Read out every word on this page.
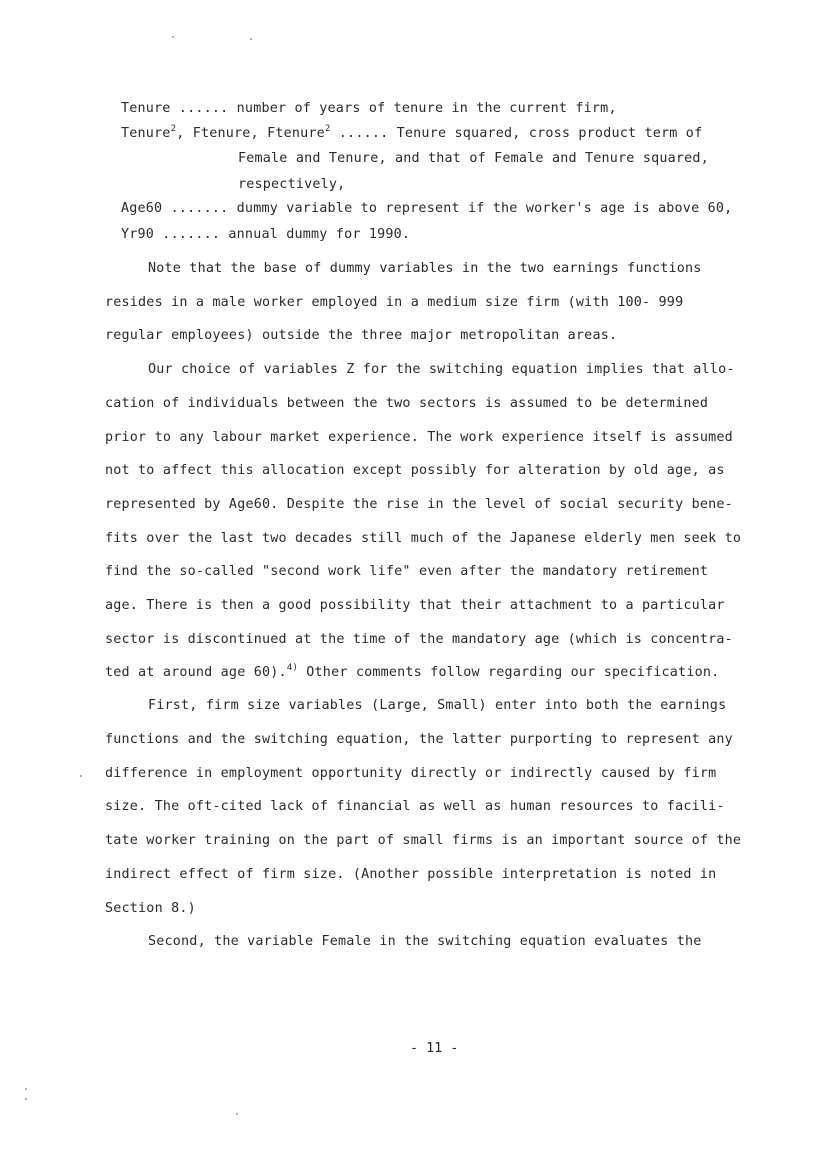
Tenure ...... number of years of tenure in the current firm,
Tenure$^2$, Ftenure, Ftenure$^2$ ...... Tenure squared, cross product term of
Female and Tenure, and that of Female and Tenure squared,
respectively,
Age60 ....... dummy variable to represent if the worker's age is above 60,
Yr90 ....... annual dummy for 1990.
Note that the base of dummy variables in the two earnings functions
resides in a male worker employed in a medium size firm (with 100- 999
regular employees) outside the three major metropolitan areas.
Our choice of variables Z for the switching equation implies that allo-
cation of individuals between the two sectors is assumed to be determined
prior to any labour market experience. The work experience itself is assumed
not to affect this allocation except possibly for alteration by old age, as
represented by Age60. Despite the rise in the level of social security bene-
fits over the last two decades still much of the Japanese elderly men seek to
find the so-called "second work life" even after the mandatory retirement
age. There is then a good possibility that their attachment to a particular
sector is discontinued at the time of the mandatory age (which is concentra-
ted at around age 60).$^{4)}$ Other comments follow regarding our specification.
First, firm size variables (Large, Small) enter into both the earnings
functions and the switching equation, the latter purporting to represent any
difference in employment opportunity directly or indirectly caused by firm
size. The oft-cited lack of financial as well as human resources to facili-
tate worker training on the part of small firms is an important source of the
indirect effect of firm size. (Another possible interpretation is noted in
Section 8.)
Second, the variable Female in the switching equation evaluates the
- 11 -
